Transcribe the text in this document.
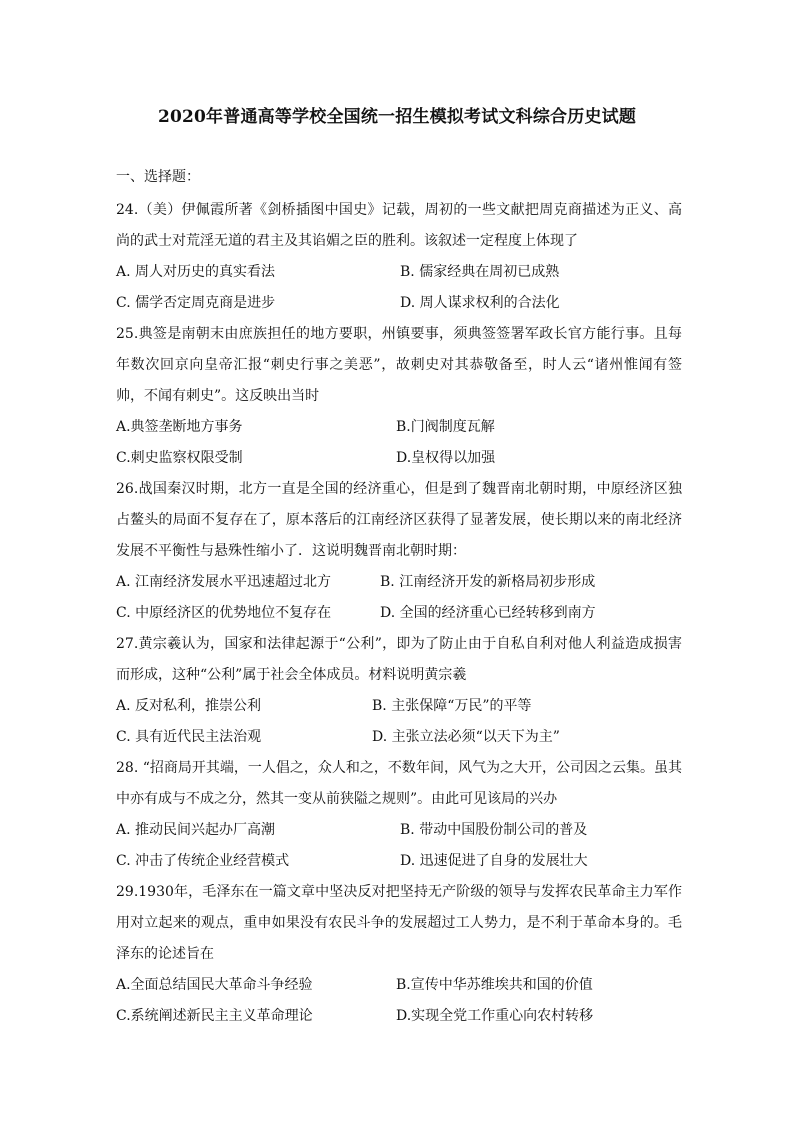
2020年普通高等学校全国统一招生模拟考试文科综合历史试题
一、选择题：
24.（美）伊佩霞所著《剑桥插图中国史》记载，周初的一些文献把周克商描述为正义、高尚的武士对荒淫无道的君主及其谄媚之臣的胜利。该叙述一定程度上体现了
A. 周人对历史的真实看法	B. 儒家经典在周初已成熟
C. 儒学否定周克商是进步	D. 周人谋求权利的合法化
25.典签是南朝末由庶族担任的地方要职，州镇要事，须典签签署军政长官方能行事。且每年数次回京向皇帝汇报“刺史行事之美恶”，故刺史对其恭敬备至，时人云“诸州惟闻有签帅，不闻有刺史”。这反映出当时
A.典签垄断地方事务	B.门阀制度瓦解
C.刺史监察权限受制	D.皇权得以加强
26.战国秦汉时期，北方一直是全国的经济重心，但是到了魏晋南北朝时期，中原经济区独占鳌头的局面不复存在了，原本落后的江南经济区获得了显著发展，使长期以来的南北经济发展不平衡性与悬殊性缩小了．这说明魏晋南北朝时期：
A. 江南经济发展水平迅速超过北方	B. 江南经济开发的新格局初步形成
C. 中原经济区的优势地位不复存在	D. 全国的经济重心已经转移到南方
27.黄宗羲认为，国家和法律起源于“公利”，即为了防止由于自私自利对他人利益造成损害而形成，这种“公利”属于社会全体成员。材料说明黄宗羲
A. 反对私利，推崇公利	B. 主张保障“万民”的平等
C. 具有近代民主法治观	D. 主张立法必须“以天下为主”
28. “招商局开其端，一人倡之，众人和之，不数年间，风气为之大开，公司因之云集。虽其中亦有成与不成之分，然其一变从前狭隘之规则”。由此可见该局的兴办
A. 推动民间兴起办厂高潮	B. 带动中国股份制公司的普及
C. 冲击了传统企业经营模式	D. 迅速促进了自身的发展壮大
29.1930年，毛泽东在一篇文章中坚决反对把坚持无产阶级的领导与发挥农民革命主力军作用对立起来的观点，重申如果没有农民斗争的发展超过工人势力，是不利于革命本身的。毛泽东的论述旨在
A.全面总结国民大革命斗争经验	B.宣传中华苏维埃共和国的价值
C.系统阐述新民主主义革命理论	D.实现全党工作重心向农村转移
